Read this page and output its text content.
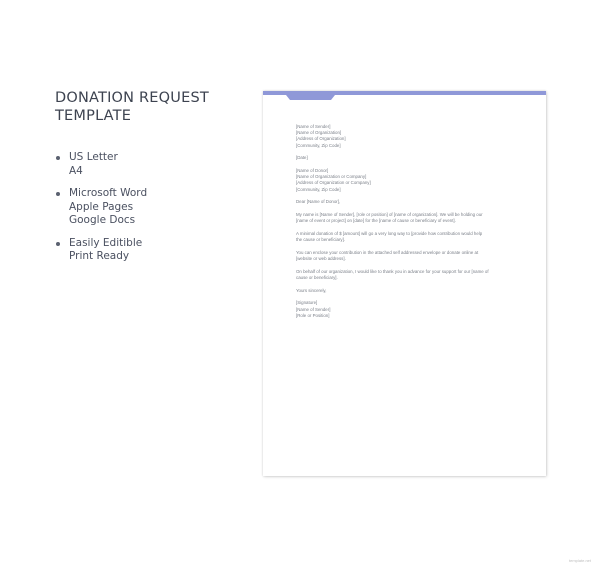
DONATION REQUEST
TEMPLATE
US Letter
A4
Microsoft Word
Apple Pages
Google Docs
Easily Editible
Print Ready
[Name of Sender]
[Name of Organization]
[Address of Organization]
[Community, Zip Code]
[Date]
[Name of Donor]
[Name of Organization or Company]
[Address of Organization or Company]
[Community, Zip Code]
Dear [Name of Donor],
My name is [Name of Sender], [role or position] of [name of organization]. We will be holding our
[name of event or project] on [date] for the [name of cause or beneficiary of event].
A minimal donation of $ [amount] will go a very long way to [provide how contribution would help
the cause or beneficiary].
You can enclose your contribution in the attached self addressed envelope or donate online at
[website or web address].
On behalf of our organization, I would like to thank you in advance for your support for our [name of
cause or beneficiary].
Yours sincerely,
[Signature]
[Name of Sender]
[Role or Position]
template.net
